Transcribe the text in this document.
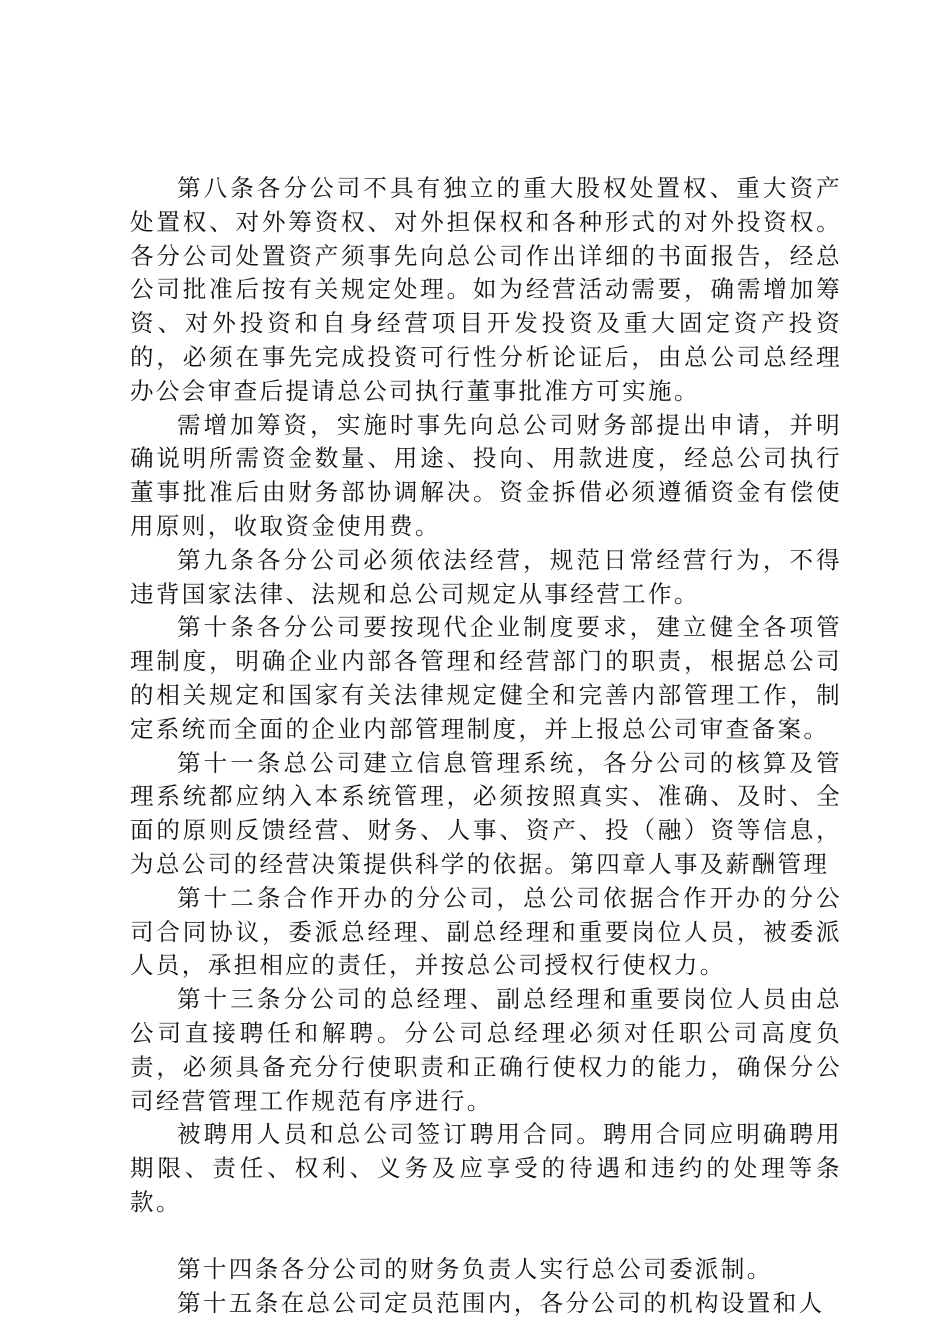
第八条各分公司不具有独立的重大股权处置权、重大资产处置权、对外筹资权、对外担保权和各种形式的对外投资权。各分公司处置资产须事先向总公司作出详细的书面报告，经总公司批准后按有关规定处理。如为经营活动需要，确需增加筹资、对外投资和自身经营项目开发投资及重大固定资产投资的，必须在事先完成投资可行性分析论证后，由总公司总经理办公会审查后提请总公司执行董事批准方可实施。

需增加筹资，实施时事先向总公司财务部提出申请，并明确说明所需资金数量、用途、投向、用款进度，经总公司执行董事批准后由财务部协调解决。资金拆借必须遵循资金有偿使用原则，收取资金使用费。

第九条各分公司必须依法经营，规范日常经营行为，不得违背国家法律、法规和总公司规定从事经营工作。

第十条各分公司要按现代企业制度要求，建立健全各项管理制度，明确企业内部各管理和经营部门的职责，根据总公司的相关规定和国家有关法律规定健全和完善内部管理工作，制定系统而全面的企业内部管理制度，并上报总公司审查备案。

第十一条总公司建立信息管理系统，各分公司的核算及管理系统都应纳入本系统管理，必须按照真实、准确、及时、全面的原则反馈经营、财务、人事、资产、投（融）资等信息，为总公司的经营决策提供科学的依据。第四章人事及薪酬管理

第十二条合作开办的分公司，总公司依据合作开办的分公司合同协议，委派总经理、副总经理和重要岗位人员，被委派人员，承担相应的责任，并按总公司授权行使权力。

第十三条分公司的总经理、副总经理和重要岗位人员由总公司直接聘任和解聘。分公司总经理必须对任职公司高度负责，必须具备充分行使职责和正确行使权力的能力，确保分公司经营管理工作规范有序进行。

被聘用人员和总公司签订聘用合同。聘用合同应明确聘用期限、责任、权利、义务及应享受的待遇和违约的处理等条款。

第十四条各分公司的财务负责人实行总公司委派制。

第十五条在总公司定员范围内，各分公司的机构设置和人
